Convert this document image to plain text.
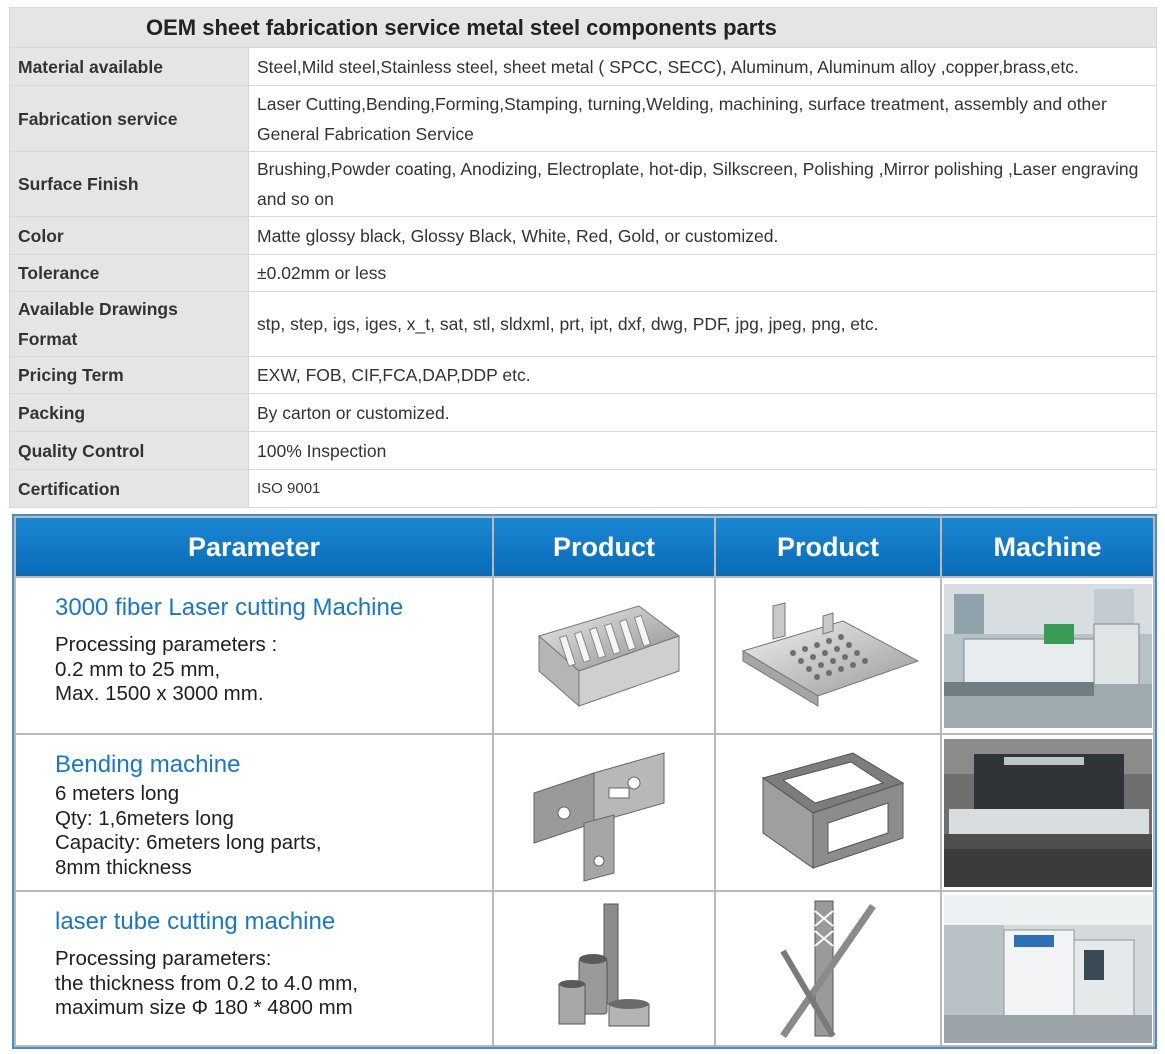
OEM sheet fabrication service metal steel components parts	
Material available	Steel,Mild steel,Stainless steel, sheet metal ( SPCC, SECC), Aluminum, Aluminum alloy ,copper,brass,etc.
Fabrication service	Laser Cutting,Bending,Forming,Stamping, turning,Welding, machining, surface treatment, assembly and other General Fabrication Service
Surface Finish	Brushing,Powder coating, Anodizing, Electroplate, hot-dip, Silkscreen, Polishing ,Mirror polishing ,Laser engraving and so on
Color	Matte glossy black, Glossy Black, White, Red, Gold, or customized.
Tolerance	±0.02mm or less
Available Drawings Format	stp, step, igs, iges, x_t, sat, stl, sldxml, prt, ipt, dxf, dwg, PDF, jpg, jpeg, png, etc.
Pricing Term	EXW, FOB, CIF,FCA,DAP,DDP etc.
Packing	By carton or customized.
Quality Control	100% Inspection
Certification	ISO 9001
Parameter	Product	Product	Machine

3000 fiber Laser cutting Machine
Processing parameters :
0.2 mm to 25 mm,
Max. 1500 x 3000 mm.

Bending machine
6 meters long
Qty: 1,6meters long
Capacity: 6meters long parts,
8mm thickness

laser tube cutting machine
Processing parameters:
the thickness from 0.2 to 4.0 mm,
maximum size Φ 180 * 4800 mm
